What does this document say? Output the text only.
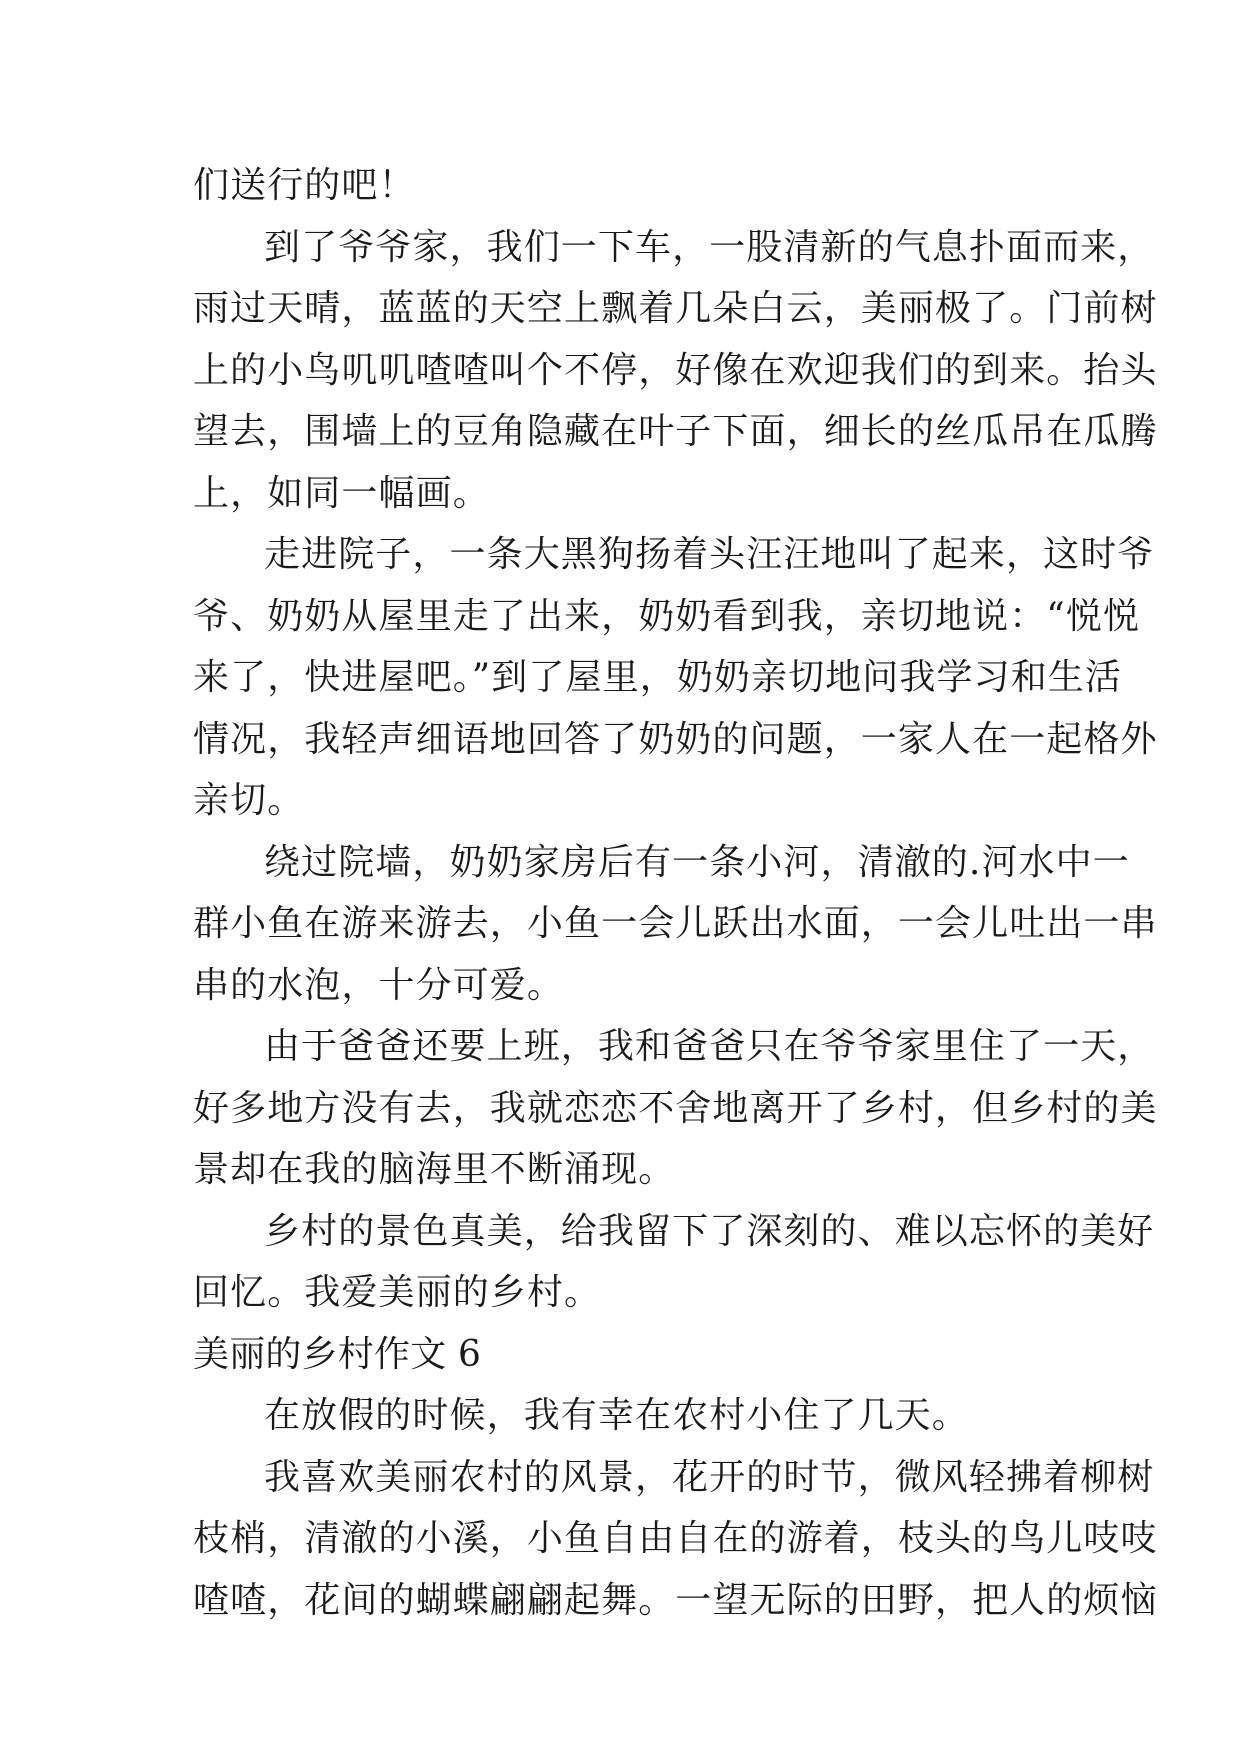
们送行的吧！
到了爷爷家，我们一下车，一股清新的气息扑面而来，
雨过天晴，蓝蓝的天空上飘着几朵白云，美丽极了。门前树
上的小鸟叽叽喳喳叫个不停，好像在欢迎我们的到来。抬头
望去，围墙上的豆角隐藏在叶子下面，细长的丝瓜吊在瓜腾
上，如同一幅画。
走进院子，一条大黑狗扬着头汪汪地叫了起来，这时爷
爷、奶奶从屋里走了出来，奶奶看到我，亲切地说：“悦悦
来了，快进屋吧。”到了屋里，奶奶亲切地问我学习和生活
情况，我轻声细语地回答了奶奶的问题，一家人在一起格外
亲切。
绕过院墙，奶奶家房后有一条小河，清澈的.河水中一
群小鱼在游来游去，小鱼一会儿跃出水面，一会儿吐出一串
串的水泡，十分可爱。
由于爸爸还要上班，我和爸爸只在爷爷家里住了一天，
好多地方没有去，我就恋恋不舍地离开了乡村，但乡村的美
景却在我的脑海里不断涌现。
乡村的景色真美，给我留下了深刻的、难以忘怀的美好
回忆。我爱美丽的乡村。
美丽的乡村作文 6
在放假的时候，我有幸在农村小住了几天。
我喜欢美丽农村的风景，花开的时节，微风轻拂着柳树
枝梢，清澈的小溪，小鱼自由自在的游着，枝头的鸟儿吱吱
喳喳，花间的蝴蝶翩翩起舞。一望无际的田野，把人的烦恼
